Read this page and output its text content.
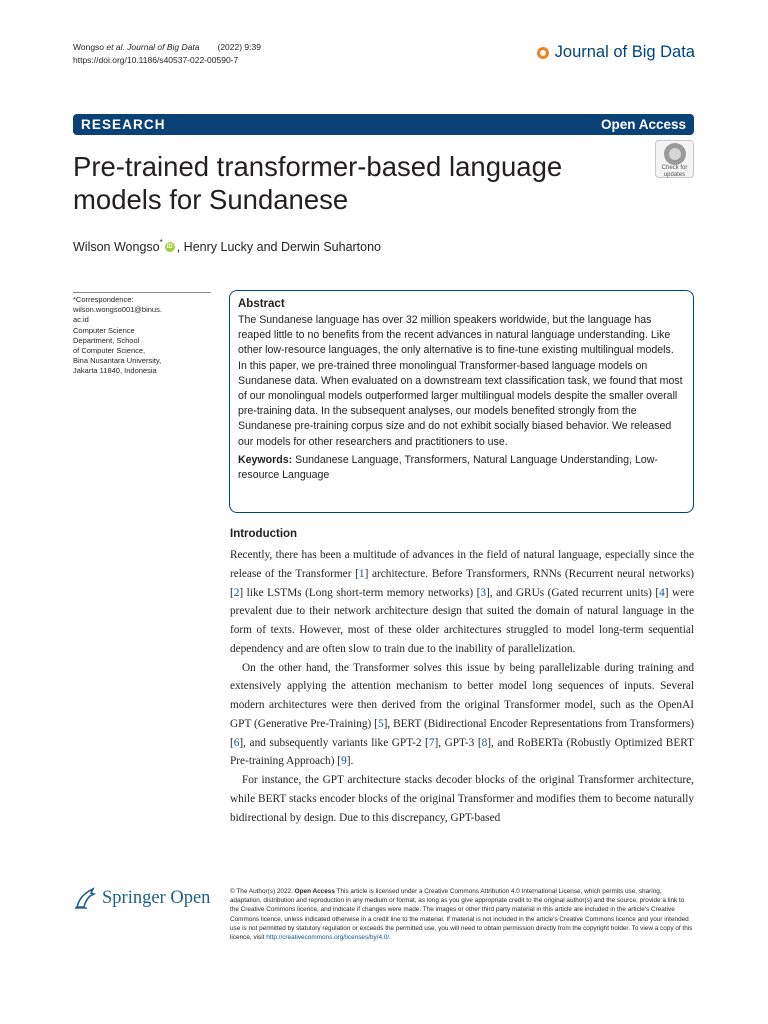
Wongso et al. Journal of Big Data (2022) 9:39
https://doi.org/10.1186/s40537-022-00590-7	Journal of Big Data
RESEARCH	Open Access
Pre-trained transformer-based language models for Sundanese
Check for
updates
Wilson Wongso* iD , Henry Lucky and Derwin Suhartono
*Correspondence:
wilson.wongso001@binus.
ac.id
Computer Science
Department, School
of Computer Science,
Bina Nusantara University,
Jakarta 11840, Indonesia
Abstract
The Sundanese language has over 32 million speakers worldwide, but the language has reaped little to no benefits from the recent advances in natural language understanding. Like other low-resource languages, the only alternative is to fine-tune existing multilingual models. In this paper, we pre-trained three monolingual Transformer-based language models on Sundanese data. When evaluated on a downstream text classification task, we found that most of our monolingual models outperformed larger multilingual models despite the smaller overall pre-training data. In the subsequent analyses, our models benefited strongly from the Sundanese pre-training corpus size and do not exhibit socially biased behavior. We released our models for other researchers and practitioners to use.
Keywords: Sundanese Language, Transformers, Natural Language Understanding, Low-resource Language
Introduction

Recently, there has been a multitude of advances in the field of natural language, especially since the release of the Transformer [1] architecture. Before Transformers, RNNs (Recurrent neural networks) [2] like LSTMs (Long short-term memory networks) [3], and GRUs (Gated recurrent units) [4] were prevalent due to their network architecture design that suited the domain of natural language in the form of texts. However, most of these older architectures struggled to model long-term sequential dependency and are often slow to train due to the inability of parallelization.

On the other hand, the Transformer solves this issue by being parallelizable during training and extensively applying the attention mechanism to better model long sequences of inputs. Several modern architectures were then derived from the original Transformer model, such as the OpenAI GPT (Generative Pre-Training) [5], BERT (Bidirectional Encoder Representations from Transformers) [6], and subsequently variants like GPT-2 [7], GPT-3 [8], and RoBERTa (Robustly Optimized BERT Pre-training Approach) [9].

For instance, the GPT architecture stacks decoder blocks of the original Transformer architecture, while BERT stacks encoder blocks of the original Transformer and modifies them to become naturally bidirectional by design. Due to this discrepancy, GPT-based

Springer Open	© The Author(s) 2022. Open Access This article is licensed under a Creative Commons Attribution 4.0 International License, which permits use, sharing, adaptation, distribution and reproduction in any medium or format, as long as you give appropriate credit to the original author(s) and the source, provide a link to the Creative Commons licence, and indicate if changes were made. The images or other third party material in this article are included in the article's Creative Commons licence, unless indicated otherwise in a credit line to the material. If material is not included in the article's Creative Commons licence and your intended use is not permitted by statutory regulation or exceeds the permitted use, you will need to obtain permission directly from the copyright holder. To view a copy of this licence, visit http://creativecommons.org/licenses/by/4.0/.
